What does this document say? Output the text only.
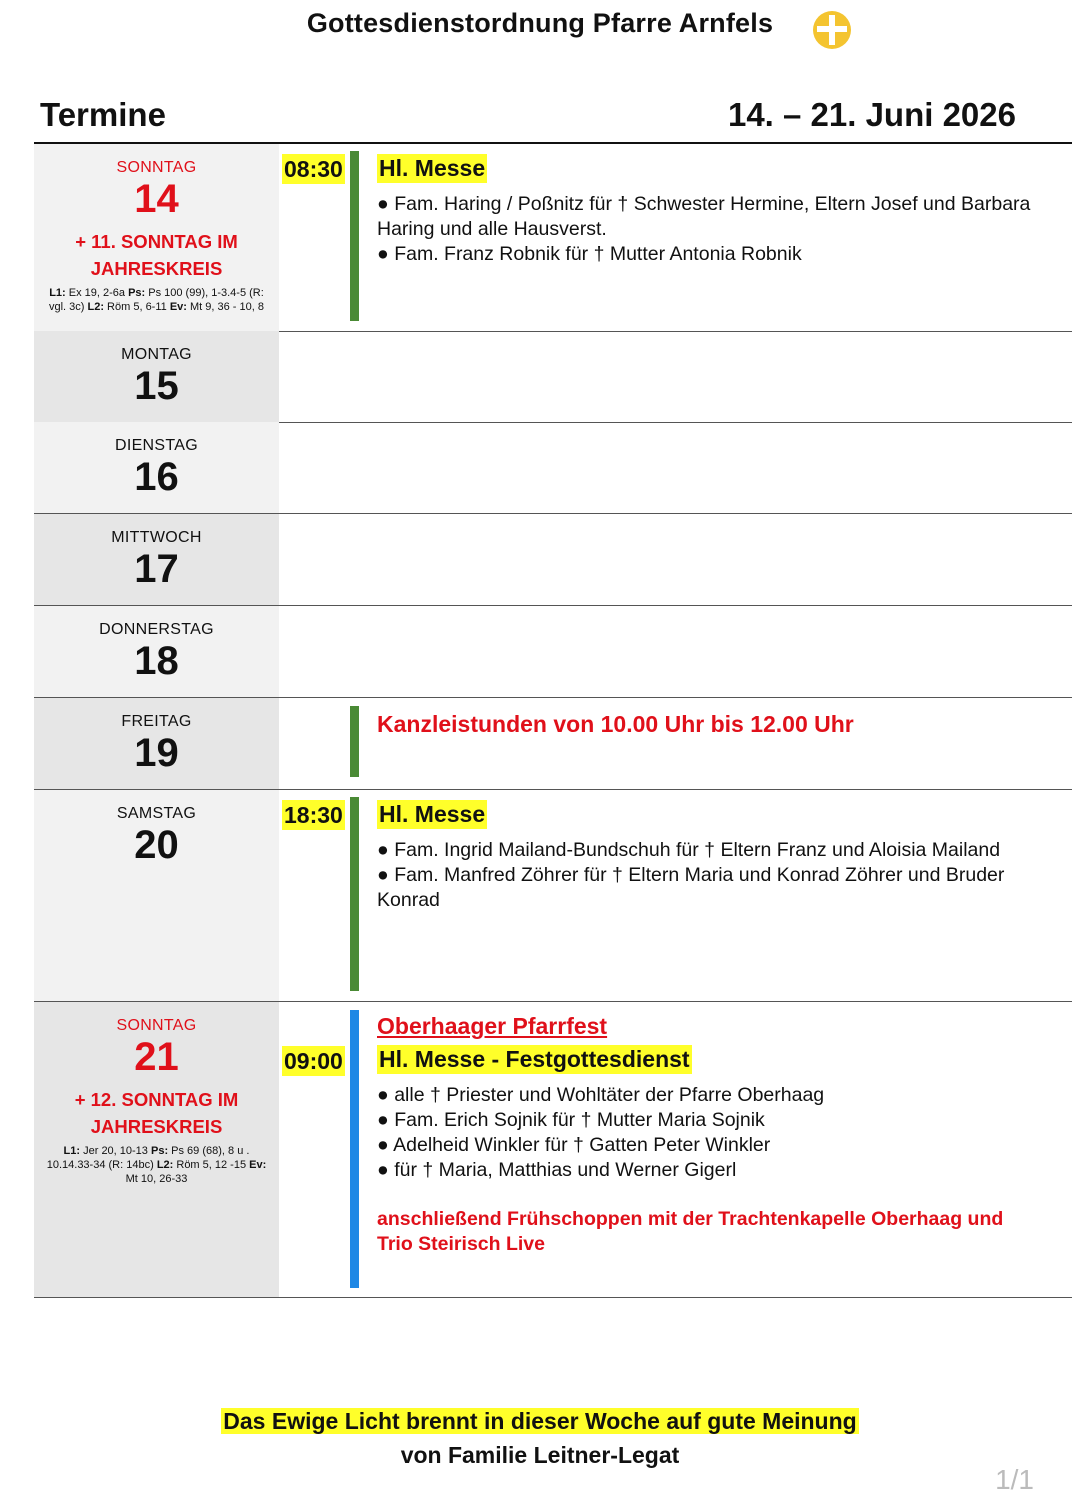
Gottesdienstordnung Pfarre Arnfels
Termine	14. – 21. Juni 2026
SONNTAG
14
+ 11. SONNTAG IM JAHRESKREIS
L1: Ex 19, 2-6a Ps: Ps 100 (99), 1-3.4-5 (R: vgl. 3c) L2: Röm 5, 6-11 Ev: Mt 9, 36 - 10, 8
08:30 Hl. Messe
● Fam. Haring / Poßnitz für † Schwester Hermine, Eltern Josef und Barbara Haring und alle Hausverst.
● Fam. Franz Robnik für † Mutter Antonia Robnik
MONTAG
15
DIENSTAG
16
MITTWOCH
17
DONNERSTAG
18
FREITAG
19
Kanzleistunden von 10.00 Uhr bis 12.00 Uhr
SAMSTAG
20
18:30 Hl. Messe
● Fam. Ingrid Mailand-Bundschuh für † Eltern Franz und Aloisia Mailand
● Fam. Manfred Zöhrer für † Eltern Maria und Konrad Zöhrer und Bruder Konrad
SONNTAG
21
+ 12. SONNTAG IM JAHRESKREIS
L1: Jer 20, 10-13 Ps: Ps 69 (68), 8 u . 10.14.33-34 (R: 14bc) L2: Röm 5, 12 -15 Ev: Mt 10, 26-33
09:00
Oberhaager Pfarrfest
Hl. Messe - Festgottesdienst
● alle † Priester und Wohltäter der Pfarre Oberhaag
● Fam. Erich Sojnik für † Mutter Maria Sojnik
● Adelheid Winkler für † Gatten Peter Winkler
● für † Maria, Matthias und Werner Gigerl
anschließend Frühschoppen mit der Trachtenkapelle Oberhaag und Trio Steirisch Live
Das Ewige Licht brennt in dieser Woche auf gute Meinung
von Familie Leitner-Legat
1/1
